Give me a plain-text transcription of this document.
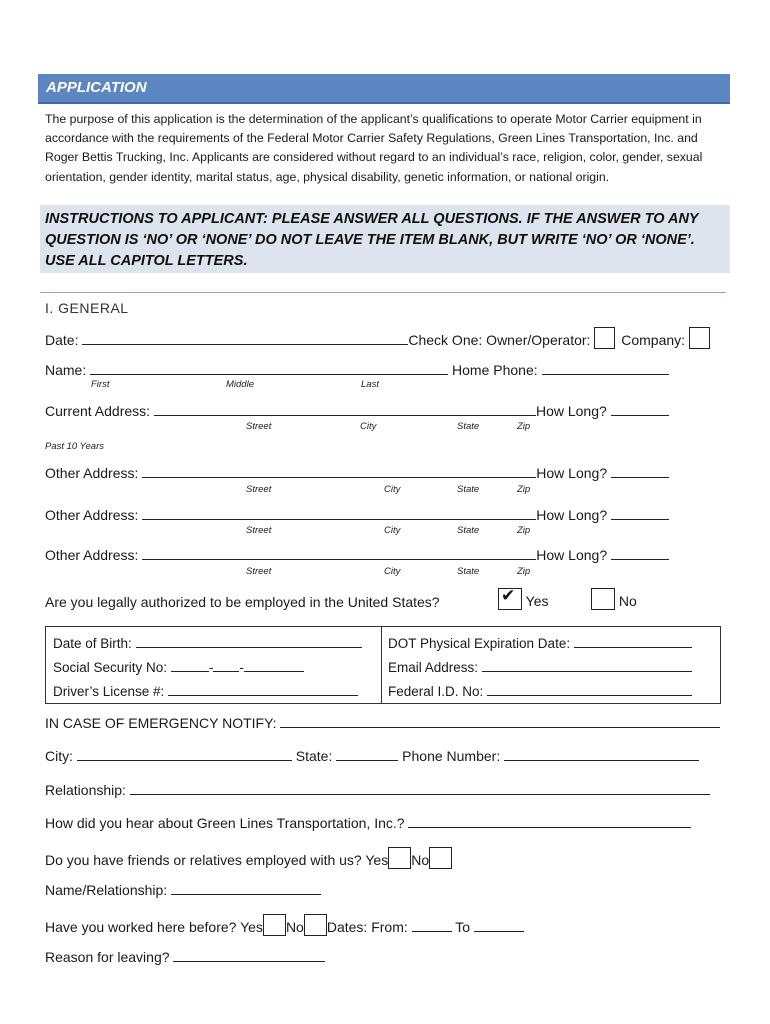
APPLICATION
The purpose of this application is the determination of the applicant’s qualifications to operate Motor Carrier equipment in accordance with the requirements of the Federal Motor Carrier Safety Regulations, Green Lines Transportation, Inc. and Roger Bettis Trucking, Inc. Applicants are considered without regard to an individual’s race, religion, color, gender, sexual orientation, gender identity, marital status, age, physical disability, genetic information, or national origin.
INSTRUCTIONS TO APPLICANT: PLEASE ANSWER ALL QUESTIONS. IF THE ANSWER TO ANY QUESTION IS ‘NO’ OR ‘NONE’ DO NOT LEAVE THE ITEM BLANK, BUT WRITE ‘NO’ OR ‘NONE’. USE ALL CAPITOL LETTERS.
I. GENERAL
Date:	Check One: Owner/Operator: Company:
Name:	Home Phone:
First	Middle	Last
Current Address:	How Long?
Street	City	State	Zip
Past 10 Years
Other Address:	How Long?
Street	City	State	Zip
Other Address:	How Long?
Street	City	State	Zip
Other Address:	How Long?
Street	City	State	Zip
Are you legally authorized to be employed in the United States?
✔	Yes	No
Date of Birth:
Social Security No:	- -
Driver’s License #:
DOT Physical Expiration Date:
Email Address:
Federal I.D. No:
IN CASE OF EMERGENCY NOTIFY:
City:	State:	Phone Number:
Relationship:
How did you hear about Green Lines Transportation, Inc.?
Do you have friends or relatives employed with us? Yes No
Name/Relationship:
Have you worked here before? Yes No Dates: From:	To
Reason for leaving?
